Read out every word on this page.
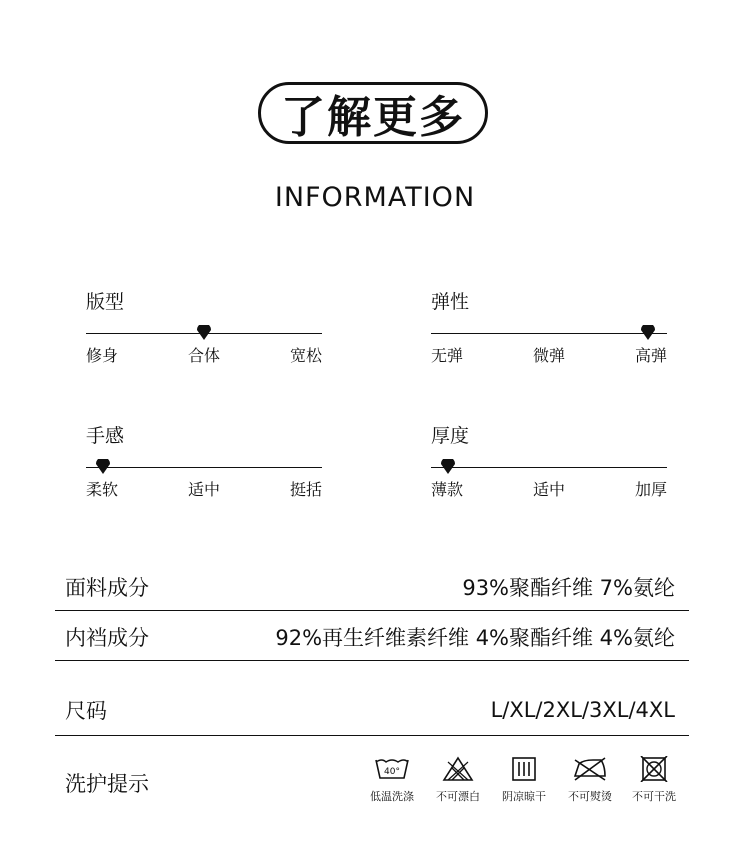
了解更多
INFORMATION
版型
修身	合体	宽松
弹性
无弹	微弹	高弹
手感
柔软	适中	挺括
厚度
薄款	适中	加厚
面料成分	93%聚酯纤维 7%氨纶
内裆成分	92%再生纤维素纤维 4%聚酯纤维 4%氨纶
尺码	L/XL/2XL/3XL/4XL
洗护提示	40°
低温洗涤	不可漂白	阴凉晾干	不可熨烫	不可干洗
